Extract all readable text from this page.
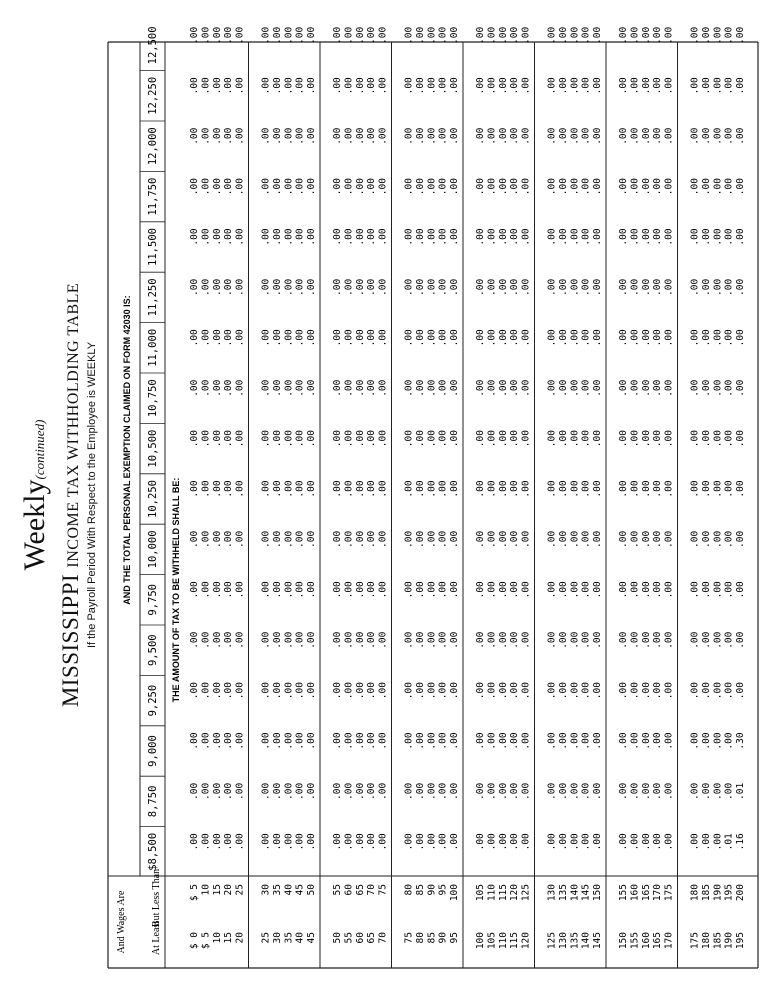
Weekly(continued)
MISSISSIPPI INCOME TAX WITHHOLDING TABLE If the Payroll Period With Respect to the Employee is WEEKLY
And Wages Are At Least
But Less Than
AND THE TOTAL PERSONAL EXEMPTION CLAIMED ON FORM 42030 IS:	THE AMOUNT OF TAX TO BE WITHHELD SHALL BE:
$8,500
8,750
9,000
9,250
9,500
9,750
10,000
10,250
10,500
10,750
11,000
11,250
11,500
11,750
12,000
12,250
12,500
$ 0
$ 5
.00
.00
.00
.00
.00
.00
.00
.00
.00
.00
.00
.00
.00
.00
.00
.00
.00
$ 5
10
.00
.00
.00
.00
.00
.00
.00
.00
.00
.00
.00
.00
.00
.00
.00
.00
.00
10
15
.00
.00
.00
.00
.00
.00
.00
.00
.00
.00
.00
.00
.00
.00
.00
.00
.00
15
20
.00
.00
.00
.00
.00
.00
.00
.00
.00
.00
.00
.00
.00
.00
.00
.00
.00
20
25
.00
.00
.00
.00
.00
.00
.00
.00
.00
.00
.00
.00
.00
.00
.00
.00
.00
25
30
.00
.00
.00
.00
.00
.00
.00
.00
.00
.00
.00
.00
.00
.00
.00
.00
.00
30
35
.00
.00
.00
.00
.00
.00
.00
.00
.00
.00
.00
.00
.00
.00
.00
.00
.00
35
40
.00
.00
.00
.00
.00
.00
.00
.00
.00
.00
.00
.00
.00
.00
.00
.00
.00
40
45
.00
.00
.00
.00
.00
.00
.00
.00
.00
.00
.00
.00
.00
.00
.00
.00
.00
45
50
.00
.00
.00
.00
.00
.00
.00
.00
.00
.00
.00
.00
.00
.00
.00
.00
.00
50
55
.00
.00
.00
.00
.00
.00
.00
.00
.00
.00
.00
.00
.00
.00
.00
.00
.00
55
60
.00
.00
.00
.00
.00
.00
.00
.00
.00
.00
.00
.00
.00
.00
.00
.00
.00
60
65
.00
.00
.00
.00
.00
.00
.00
.00
.00
.00
.00
.00
.00
.00
.00
.00
.00
65
70
.00
.00
.00
.00
.00
.00
.00
.00
.00
.00
.00
.00
.00
.00
.00
.00
.00
70
75
.00
.00
.00
.00
.00
.00
.00
.00
.00
.00
.00
.00
.00
.00
.00
.00
.00
75
80
.00
.00
.00
.00
.00
.00
.00
.00
.00
.00
.00
.00
.00
.00
.00
.00
.00
80
85
.00
.00
.00
.00
.00
.00
.00
.00
.00
.00
.00
.00
.00
.00
.00
.00
.00
85
90
.00
.00
.00
.00
.00
.00
.00
.00
.00
.00
.00
.00
.00
.00
.00
.00
.00
90
95
.00
.00
.00
.00
.00
.00
.00
.00
.00
.00
.00
.00
.00
.00
.00
.00
.00
95
100
.00
.00
.00
.00
.00
.00
.00
.00
.00
.00
.00
.00
.00
.00
.00
.00
.00
100
105
.00
.00
.00
.00
.00
.00
.00
.00
.00
.00
.00
.00
.00
.00
.00
.00
.00
105
110
.00
.00
.00
.00
.00
.00
.00
.00
.00
.00
.00
.00
.00
.00
.00
.00
.00
110
115
.00
.00
.00
.00
.00
.00
.00
.00
.00
.00
.00
.00
.00
.00
.00
.00
.00
115
120
.00
.00
.00
.00
.00
.00
.00
.00
.00
.00
.00
.00
.00
.00
.00
.00
.00
120
125
.00
.00
.00
.00
.00
.00
.00
.00
.00
.00
.00
.00
.00
.00
.00
.00
.00
125
130
.00
.00
.00
.00
.00
.00
.00
.00
.00
.00
.00
.00
.00
.00
.00
.00
.00
130
135
.00
.00
.00
.00
.00
.00
.00
.00
.00
.00
.00
.00
.00
.00
.00
.00
.00
135
140
.00
.00
.00
.00
.00
.00
.00
.00
.00
.00
.00
.00
.00
.00
.00
.00
.00
140
145
.00
.00
.00
.00
.00
.00
.00
.00
.00
.00
.00
.00
.00
.00
.00
.00
.00
145
150
.00
.00
.00
.00
.00
.00
.00
.00
.00
.00
.00
.00
.00
.00
.00
.00
.00
150
155
.00
.00
.00
.00
.00
.00
.00
.00
.00
.00
.00
.00
.00
.00
.00
.00
.00
155
160
.00
.00
.00
.00
.00
.00
.00
.00
.00
.00
.00
.00
.00
.00
.00
.00
.00
160
165
.00
.00
.00
.00
.00
.00
.00
.00
.00
.00
.00
.00
.00
.00
.00
.00
.00
165
170
.00
.00
.00
.00
.00
.00
.00
.00
.00
.00
.00
.00
.00
.00
.00
.00
.00
170
175
.00
.00
.00
.00
.00
.00
.00
.00
.00
.00
.00
.00
.00
.00
.00
.00
.00
175
180
.00
.00
.00
.00
.00
.00
.00
.00
.00
.00
.00
.00
.00
.00
.00
.00
.00
180
185
.00
.00
.00
.00
.00
.00
.00
.00
.00
.00
.00
.00
.00
.00
.00
.00
.00
185
190
.00
.00
.00
.00
.00
.00
.00
.00
.00
.00
.00
.00
.00
.00
.00
.00
.00
190
195
.01
.00
.00
.00
.00
.00
.00
.00
.00
.00
.00
.00
.00
.00
.00
.00
.00
195
200
.16
.01
.30
.00
.00
.00
.00
.00
.00
.00
.00
.00
.00
.00
.00
.00
.00
